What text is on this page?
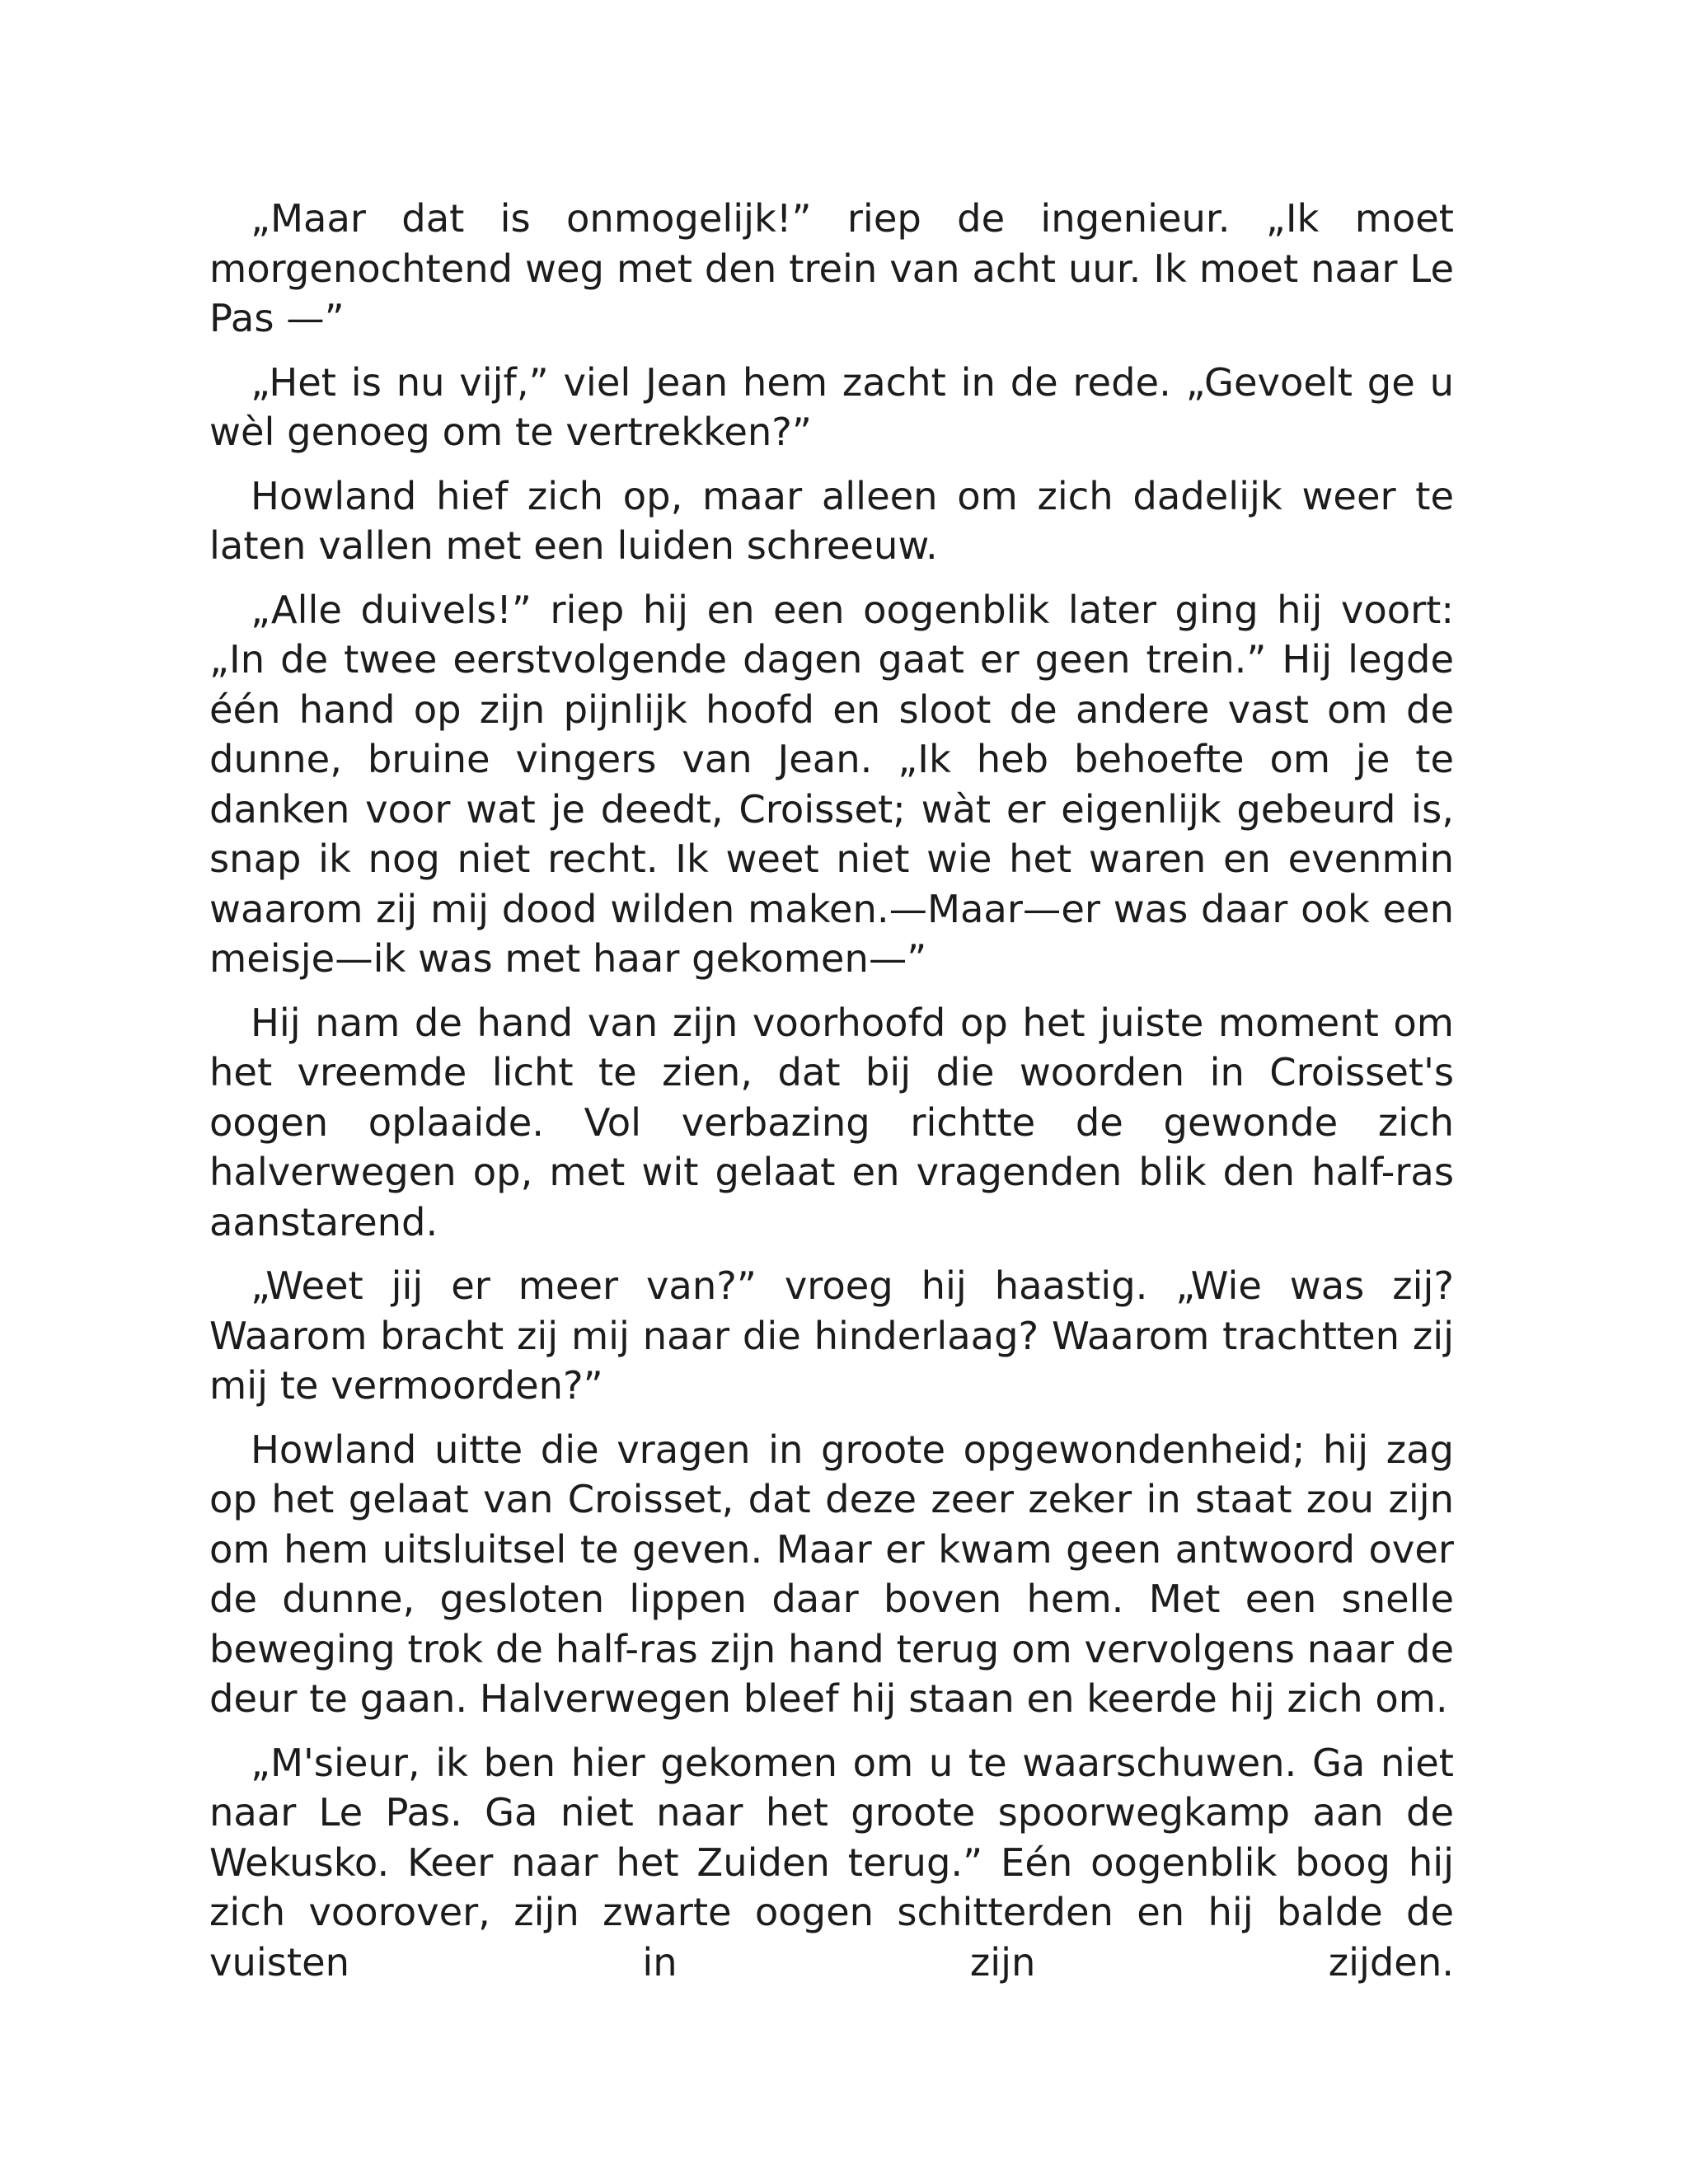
„Maar dat is onmogelijk!” riep de ingenieur. „Ik moet morgenochtend weg met den trein van acht uur. Ik moet naar Le Pas —”

„Het is nu vijf,” viel Jean hem zacht in de rede. „Gevoelt ge u wèl genoeg om te vertrekken?”

Howland hief zich op, maar alleen om zich dadelijk weer te laten vallen met een luiden schreeuw.

„Alle duivels!” riep hij en een oogenblik later ging hij voort: „In de twee eerstvolgende dagen gaat er geen trein.” Hij legde één hand op zijn pijnlijk hoofd en sloot de andere vast om de dunne, bruine vingers van Jean. „Ik heb behoefte om je te danken voor wat je deedt, Croisset; wàt er eigenlijk gebeurd is, snap ik nog niet recht. Ik weet niet wie het waren en evenmin waarom zij mij dood wilden maken.—Maar—er was daar ook een meisje—ik was met haar gekomen—”

Hij nam de hand van zijn voorhoofd op het juiste moment om het vreemde licht te zien, dat bij die woorden in Croisset's oogen oplaaide. Vol verbazing richtte de gewonde zich halverwegen op, met wit gelaat en vragenden blik den half-ras aanstarend.

„Weet jij er meer van?” vroeg hij haastig. „Wie was zij? Waarom bracht zij mij naar die hinderlaag? Waarom trachtten zij mij te vermoorden?”

Howland uitte die vragen in groote opgewondenheid; hij zag op het gelaat van Croisset, dat deze zeer zeker in staat zou zijn om hem uitsluitsel te geven. Maar er kwam geen antwoord over de dunne, gesloten lippen daar boven hem. Met een snelle beweging trok de half-ras zijn hand terug om vervolgens naar de deur te gaan. Halverwegen bleef hij staan en keerde hij zich om.

„M'sieur, ik ben hier gekomen om u te waarschuwen. Ga niet naar Le Pas. Ga niet naar het groote spoorwegkamp aan de Wekusko. Keer naar het Zuiden terug.” Eén oogenblik boog hij zich voorover, zijn zwarte oogen schitterden en hij balde de vuisten in zijn zijden.
